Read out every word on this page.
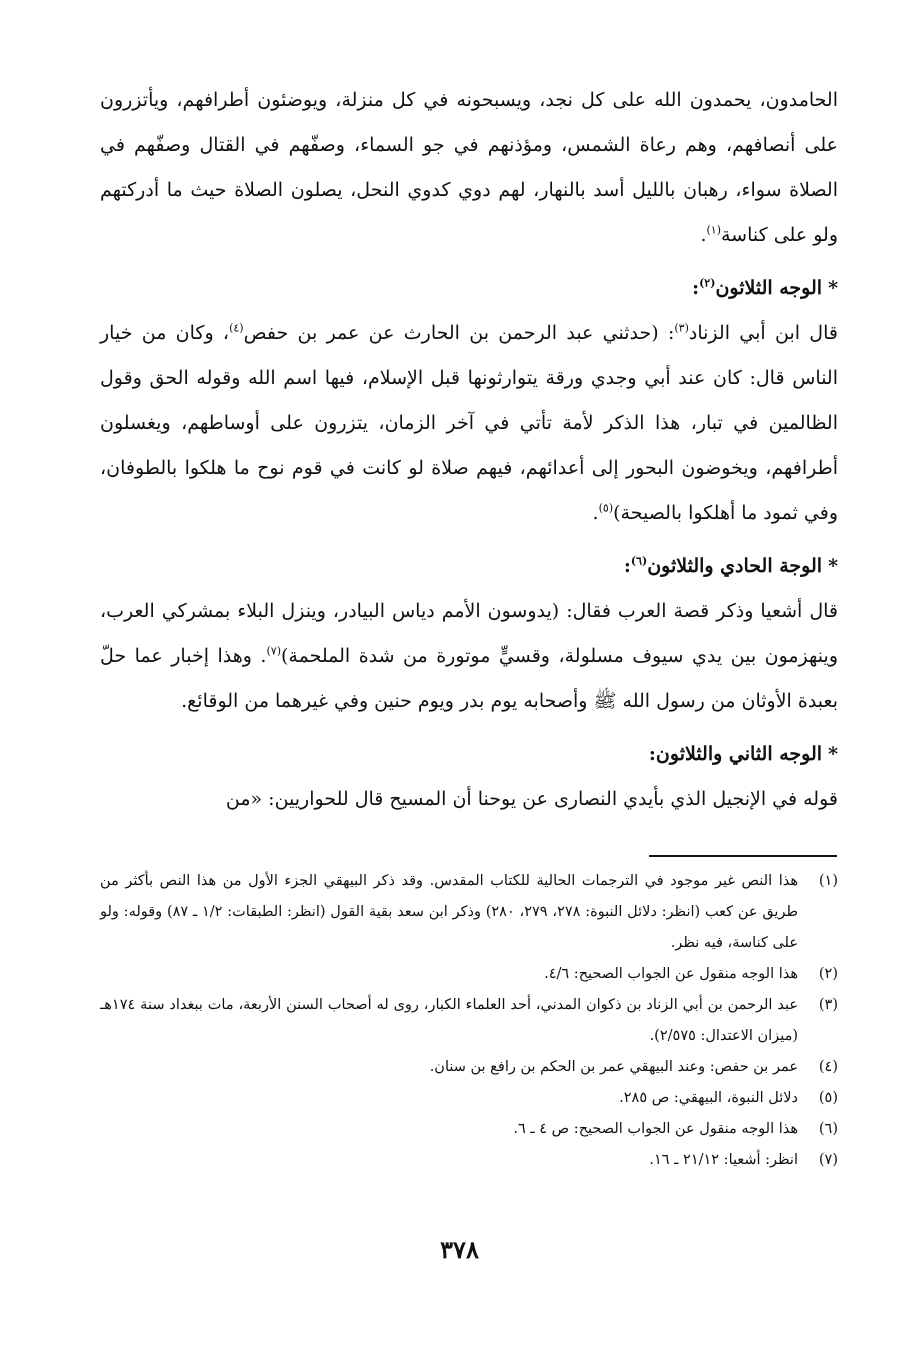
الحامدون، يحمدون الله على كل نجد، ويسبحونه في كل منزلة، ويوضئون أطرافهم، ويأتزرون على أنصافهم، وهم رعاة الشمس، ومؤذنهم في جو السماء، وصفّهم في القتال وصفّهم في الصلاة سواء، رهبان بالليل أسد بالنهار، لهم دوي كدوي النحل، يصلون الصلاة حيث ما أدركتهم ولو على كناسة$^{(١)}$.

*الوجه الثلاثون$^{(٢)}$:

قال ابن أبي الزناد$^{(٣)}$: (حدثني عبد الرحمن بن الحارث عن عمر بن حفص$^{(٤)}$، وكان من خيار الناس قال: كان عند أبي وجدي ورقة يتوارثونها قبل الإسلام، فيها اسم الله وقوله الحق وقول الظالمين في تبار، هذا الذكر لأمة تأتي في آخر الزمان، يتزرون على أوساطهم، ويغسلون أطرافهم، ويخوضون البحور إلى أعدائهم، فيهم صلاة لو كانت في قوم نوح ما هلكوا بالطوفان، وفي ثمود ما أهلكوا بالصيحة)$^{(٥)}$.

*الوجة الحادي والثلاثون$^{(٦)}$:

قال أشعيا وذكر قصة العرب فقال: (يدوسون الأمم دياس البيادر، وينزل البلاء بمشركي العرب، وينهزمون بين يدي سيوف مسلولة، وقسيٍّ موتورة من شدة الملحمة)$^{(٧)}$. وهذا إخبار عما حلّ بعبدة الأوثان من رسول الله ﷺ وأصحابه يوم بدر ويوم حنين وفي غيرهما من الوقائع.

*الوجه الثاني والثلاثون:

قوله في الإنجيل الذي بأيدي النصارى عن يوحنا أن المسيح قال للحواريين: «من

(١)
هذا النص غير موجود في الترجمات الحالية للكتاب المقدس. وقد ذكر البيهقي الجزء الأول من هذا النص بأكثر من طريق عن كعب (انظر: دلائل النبوة: ٢٧٨، ٢٧٩، ٢٨٠) وذكر ابن سعد بقية القول (انظر: الطبقات: ١/٢ ـ ٨٧) وقوله: ولو على كناسة، فيه نظر.
(٢)
هذا الوجه منقول عن الجواب الصحيح: ٤/٦.
(٣)
عبد الرحمن بن أبي الزناد بن ذكوان المدني، أحد العلماء الكبار، روى له أصحاب السنن الأربعة، مات ببغداد سنة ١٧٤هـ (ميزان الاعتدال: ٢/٥٧٥).
(٤)
عمر بن حفص: وعند البيهقي عمر بن الحكم بن رافع بن سنان.
(٥)
دلائل النبوة، البيهقي: ص ٢٨٥.
(٦)
هذا الوجه منقول عن الجواب الصحيح: ص ٤ ـ ٦.
(٧)
انظر: أشعيا: ٢١/١٢ ـ ١٦.
٣٧٨
